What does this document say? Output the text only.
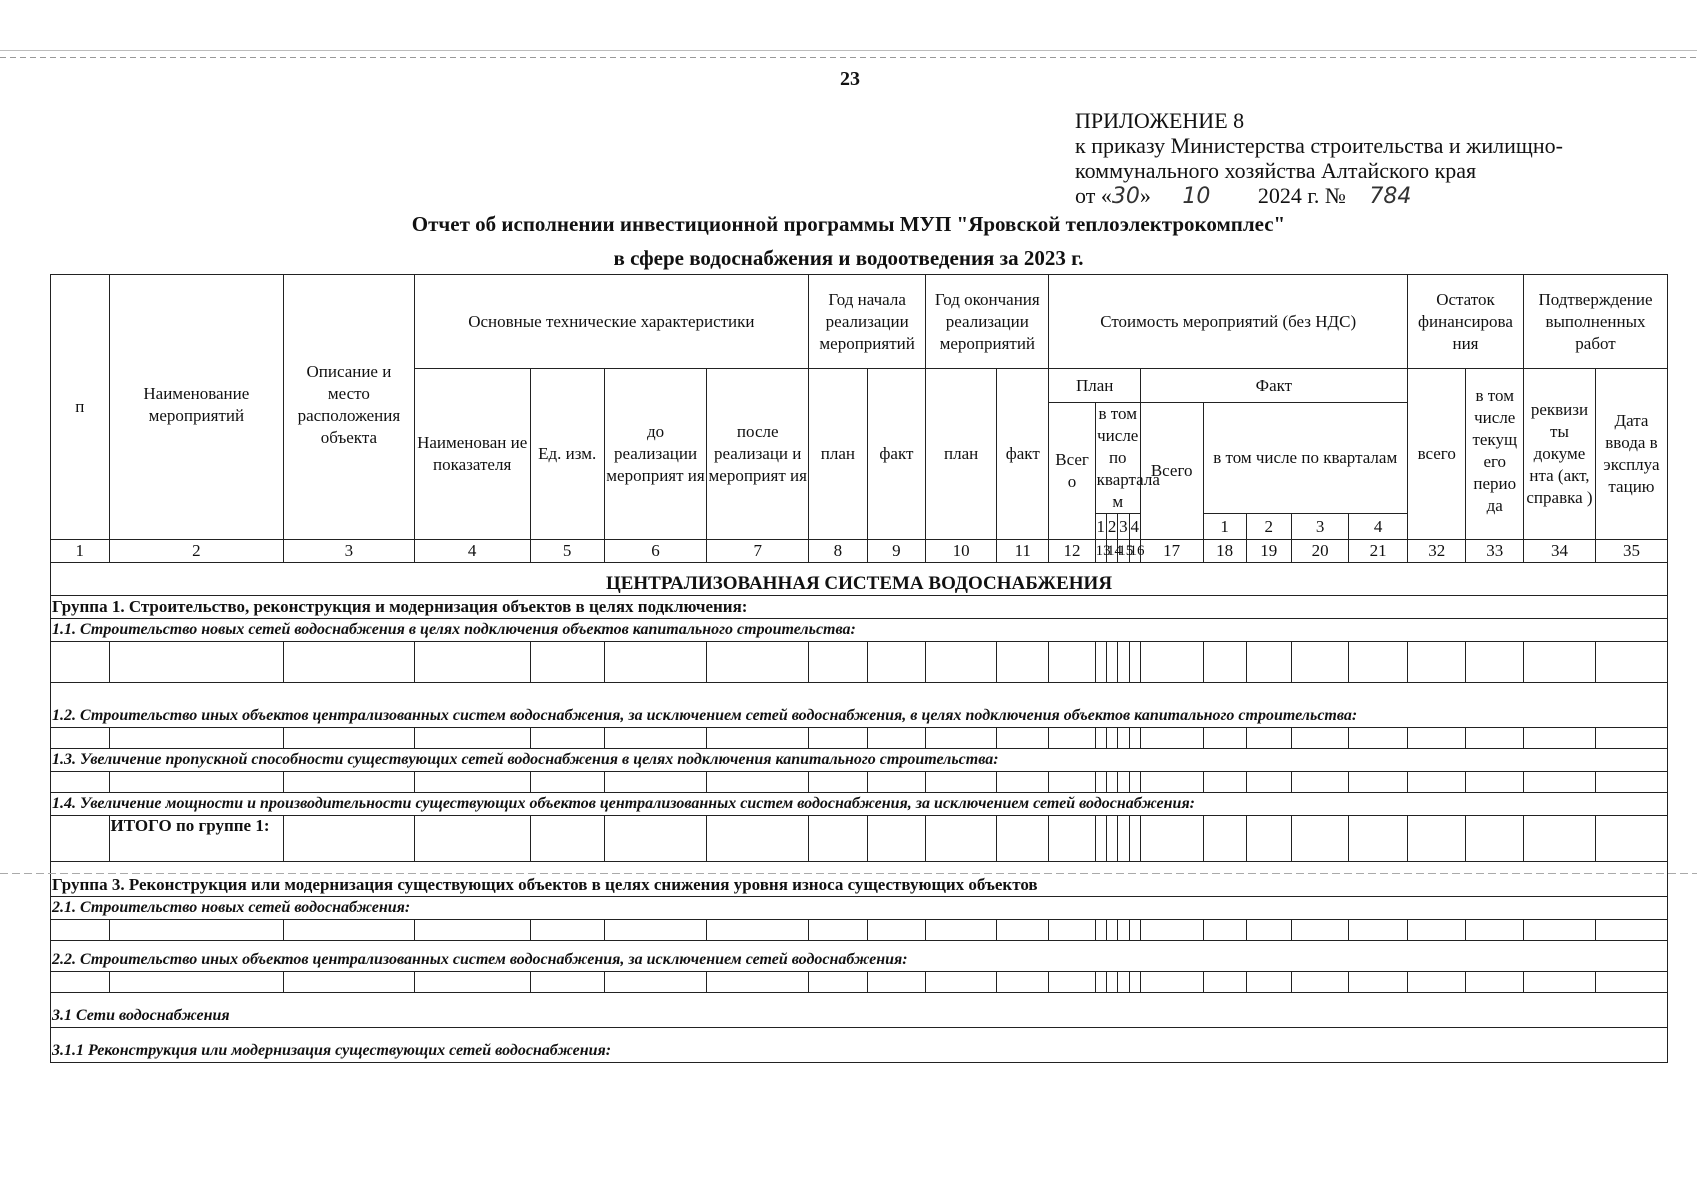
23
ПРИЛОЖЕНИЕ 8
к приказу Министерства строительства и жилищно-
коммунального хозяйства Алтайского края
от «30» 10 2024 г. № 784
Отчет об исполнении инвестиционной программы МУП "Яровской теплоэлектрокомплес"
в сфере водоснабжения и водоотведения за 2023 г.
п	Наименование мероприятий	Описание и место расположения объекта	Основные технические характеристики				Год начала реализации мероприятий		Год окончания реализации мероприятий		Стоимость мероприятий (без НДС)										Остаток финансирова ния		Подтверждение выполненных работ	
			Наименован ие показателя	Ед. изм.	до реализации мероприят ия	после реализаци и мероприят ия	план	факт	план	факт	План					Факт					всего	в том числе текущ его перио да	реквизи ты докуме нта (акт, справка )	Дата ввода в эксплуа тацию
											Всег о	в том числе по квартала м				Всего	в том числе по кварталам							
												1	2	3	4		1	2	3	4				
1	2	3	4	5	6	7	8	9	10	11	12	13	14	15	16	17	18	19	20	21	32	33	34	35
ЦЕНТРАЛИЗОВАННАЯ СИСТЕМА ВОДОСНАБЖЕНИЯ																								
Группа 1. Строительство, реконструкция и модернизация объектов в целях подключения:																								
1.1. Строительство новых сетей водоснабжения в целях подключения объектов капитального строительства:																								

1.2. Строительство иных объектов централизованных систем водоснабжения, за исключением сетей водоснабжения, в целях подключения объектов капитального строительства:																								

1.3. Увеличение пропускной способности существующих сетей водоснабжения в целях подключения капитального строительства:																								

1.4. Увеличение мощности и производительности существующих объектов централизованных систем водоснабжения, за исключением сетей водоснабжения:																								
	ИТОГО по группе 1:																							
Группа 3. Реконструкция или модернизация существующих объектов в целях снижения уровня износа существующих объектов																								
2.1. Строительство новых сетей водоснабжения:																								

2.2. Строительство иных объектов централизованных систем водоснабжения, за исключением сетей водоснабжения:																								

3.1 Сети водоснабжения																								
3.1.1 Реконструкция или модернизация существующих сетей водоснабжения:																								
